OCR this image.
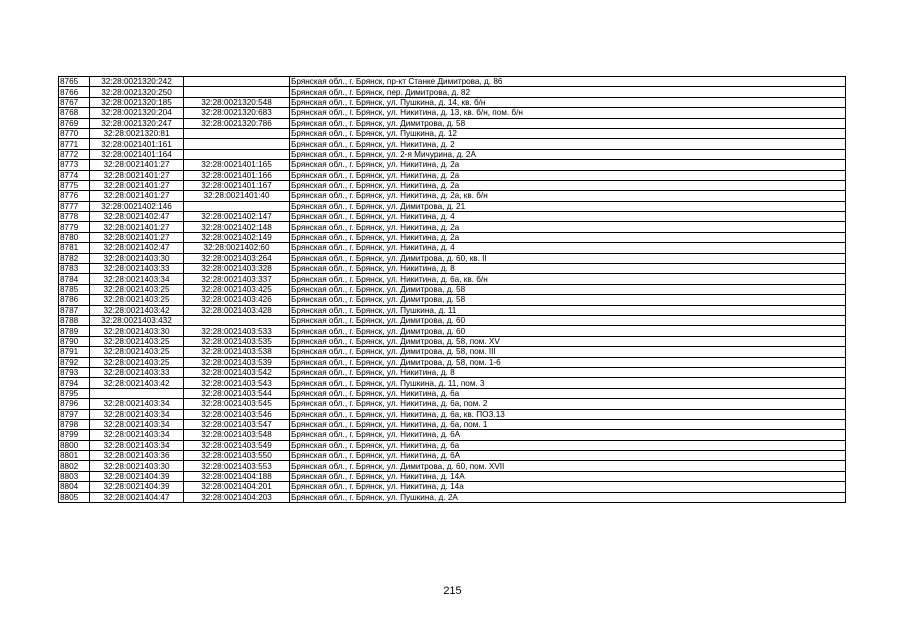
8765	32:28:0021320:242		Брянская обл., г. Брянск, пр-кт Станке Димитрова, д. 86
8766	32:28:0021320:250		Брянская обл., г. Брянск, пер. Димитрова, д. 82
8767	32:28:0021320:185	32:28:0021320:548	Брянская обл., г. Брянск, ул. Пушкина, д. 14, кв. б/н
8768	32:28:0021320:204	32:28:0021320:683	Брянская обл., г. Брянск, ул. Никитина, д. 13, кв. б/н, пом. б/н
8769	32:28:0021320:247	32:28:0021320:786	Брянская обл., г. Брянск, ул. Димитрова, д. 58
8770	32:28:0021320:81		Брянская обл., г. Брянск, ул. Пушкина, д. 12
8771	32:28:0021401:161		Брянская обл., г. Брянск, ул. Никитина, д. 2
8772	32:28:0021401:164		Брянская обл., г. Брянск, ул. 2-я Мичурина, д. 2А
8773	32:28:0021401:27	32:28:0021401:165	Брянская обл., г. Брянск, ул. Никитина, д. 2а
8774	32:28:0021401:27	32:28:0021401:166	Брянская обл., г. Брянск, ул. Никитина, д. 2а
8775	32:28:0021401:27	32:28:0021401:167	Брянская обл., г. Брянск, ул. Никитина, д. 2а
8776	32:28:0021401:27	32:28:0021401:40	Брянская обл., г. Брянск, ул. Никитина, д. 2а, кв. б/н
8777	32:28:0021402:146		Брянская обл., г. Брянск, ул. Димитрова, д. 21
8778	32:28:0021402:47	32:28:0021402:147	Брянская обл., г. Брянск, ул. Никитина, д. 4
8779	32:28:0021401:27	32:28:0021402:148	Брянская обл., г. Брянск, ул. Никитина, д. 2а
8780	32:28:0021401:27	32:28:0021402:149	Брянская обл., г. Брянск, ул. Никитина, д. 2а
8781	32:28:0021402:47	32:28:0021402:60	Брянская обл., г. Брянск, ул. Никитина, д. 4
8782	32:28:0021403:30	32:28:0021403:264	Брянская обл., г. Брянск, ул. Димитрова, д. 60, кв. II
8783	32:28:0021403:33	32:28:0021403:328	Брянская обл., г. Брянск, ул. Никитина, д. 8
8784	32:28:0021403:34	32:28:0021403:337	Брянская обл., г. Брянск, ул. Никитина, д. 6а, кв. б/н
8785	32:28:0021403:25	32:28:0021403:425	Брянская обл., г. Брянск, ул. Димитрова, д. 58
8786	32:28:0021403:25	32:28:0021403:426	Брянская обл., г. Брянск, ул. Димитрова, д. 58
8787	32:28:0021403:42	32:28:0021403:428	Брянская обл., г. Брянск, ул. Пушкина, д. 11
8788	32:28:0021403:432		Брянская обл., г. Брянск, ул. Димитрова, д. 60
8789	32:28:0021403:30	32:28:0021403:533	Брянская обл., г. Брянск, ул. Димитрова, д. 60
8790	32:28:0021403:25	32:28:0021403:535	Брянская обл., г. Брянск, ул. Димитрова, д. 58, пом. XV
8791	32:28:0021403:25	32:28:0021403:538	Брянская обл., г. Брянск, ул. Димитрова, д. 58, пом. III
8792	32:28:0021403:25	32:28:0021403:539	Брянская обл., г. Брянск, ул. Димитрова, д. 58, пом. 1-6
8793	32:28:0021403:33	32:28:0021403:542	Брянская обл., г. Брянск, ул. Никитина, д. 8
8794	32:28:0021403:42	32:28:0021403:543	Брянская обл., г. Брянск, ул. Пушкина, д. 11, пом. 3
8795		32:28:0021403:544	Брянская обл., г. Брянск, ул. Никитина, д. 6а
8796	32:28:0021403:34	32:28:0021403:545	Брянская обл., г. Брянск, ул. Никитина, д. 6а, пом. 2
8797	32:28:0021403:34	32:28:0021403:546	Брянская обл., г. Брянск, ул. Никитина, д. 6а, кв. ПОЗ.13
8798	32:28:0021403:34	32:28:0021403:547	Брянская обл., г. Брянск, ул. Никитина, д. 6а, пом. 1
8799	32:28:0021403:34	32:28:0021403:548	Брянская обл., г. Брянск, ул. Никитина, д. 6А
8800	32:28:0021403:34	32:28:0021403:549	Брянская обл., г. Брянск, ул. Никитина, д. 6а
8801	32:28:0021403:36	32:28:0021403:550	Брянская обл., г. Брянск, ул. Никитина, д. 6А
8802	32:28:0021403:30	32:28:0021403:553	Брянская обл., г. Брянск, ул. Димитрова, д. 60, пом. XVII
8803	32:28:0021404:39	32:28:0021404:188	Брянская обл., г. Брянск, ул. Никитина, д. 14А
8804	32:28:0021404:39	32:28:0021404:201	Брянская обл., г. Брянск, ул. Никитина, д. 14а
8805	32:28:0021404:47	32:28:0021404:203	Брянская обл., г. Брянск, ул. Пушкина, д. 2А
215
